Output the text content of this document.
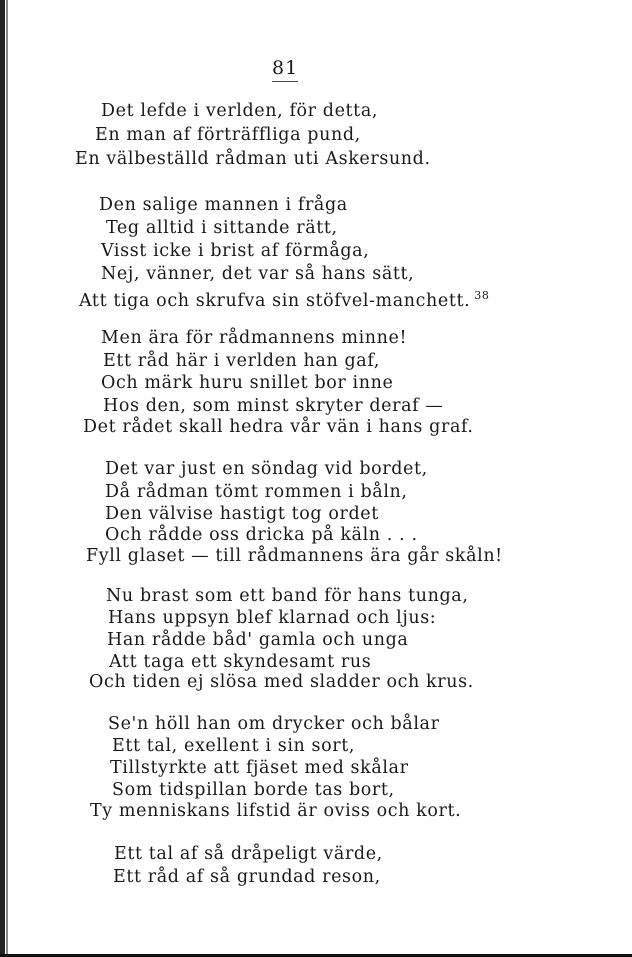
81
Det lefde i verlden, för detta,
En man af förträffliga pund,
En välbeställd rådman uti Askersund.
Den salige mannen i fråga
Teg alltid i sittande rätt,
Visst icke i brist af förmåga,
Nej, vänner, det var så hans sätt,
Att tiga och skrufva sin stöfvel-manchett. $^{38}$
Men ära för rådmannens minne!
Ett råd här i verlden han gaf,
Och märk huru snillet bor inne
Hos den, som minst skryter deraf —
Det rådet skall hedra vår vän i hans graf.
Det var just en söndag vid bordet,
Då rådman tömt rommen i båln,
Den välvise hastigt tog ordet
Och rådde oss dricka på käln . . .
Fyll glaset — till rådmannens ära går skåln!
Nu brast som ett band för hans tunga,
Hans uppsyn blef klarnad och ljus:
Han rådde båd' gamla och unga
Att taga ett skyndesamt rus
Och tiden ej slösa med sladder och krus.
Se'n höll han om drycker och bålar
Ett tal, exellent i sin sort,
Tillstyrkte att fjäset med skålar
Som tidspillan borde tas bort,
Ty menniskans lifstid är oviss och kort.
Ett tal af så dråpeligt värde,
Ett råd af så grundad reson,
